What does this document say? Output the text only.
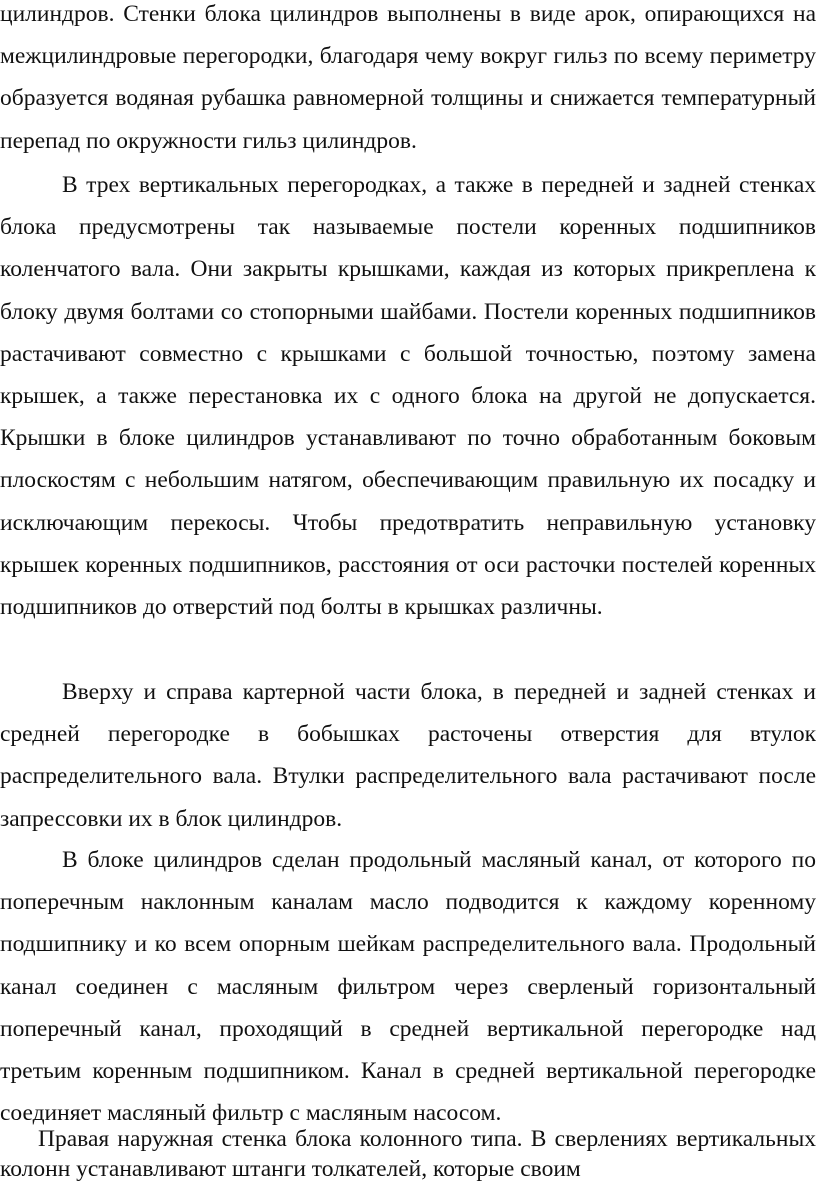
цилиндров. Стенки блока цилиндров выполнены в виде арок, опирающихся на межцилиндровые перегородки, благодаря чему вокруг гильз по всему периметру образуется водяная рубашка равномерной толщины и снижается температурный перепад по окружности гильз цилиндров.

В трех вертикальных перегородках, а также в передней и задней стенках блока предусмотрены так называемые постели коренных подшипников коленчатого вала. Они закрыты крышками, каждая из которых прикреплена к блоку двумя болтами со стопорными шайбами. Постели коренных подшипников растачивают совместно с крышками с большой точностью, поэтому замена крышек, а также перестановка их с одного блока на другой не допускается. Крышки в блоке цилиндров устанавливают по точно обработанным боковым плоскостям с небольшим натягом, обеспечивающим правильную их посадку и исключающим перекосы. Чтобы предотвратить неправильную установку крышек коренных подшипников, расстояния от оси расточки постелей коренных подшипников до отверстий под болты в крышках различны.

Вверху и справа картерной части блока, в передней и задней стенках и средней перегородке в бобышках расточены отверстия для втулок распределительного вала. Втулки распределительного вала растачивают после запрессовки их в блок цилиндров.

В блоке цилиндров сделан продольный масляный канал, от которого по поперечным наклонным каналам масло подводится к каждому коренному подшипнику и ко всем опорным шейкам распределительного вала. Продольный канал соединен с масляным фильтром через сверленый горизонтальный поперечный канал, проходящий в средней вертикальной перегородке над третьим коренным подшипником. Канал в средней вертикальной перегородке соединяет масляный фильтр с масляным насосом.

Правая наружная стенка блока колонного типа. В сверлениях вертикальных колонн устанавливают штанги толкателей, которые своим
